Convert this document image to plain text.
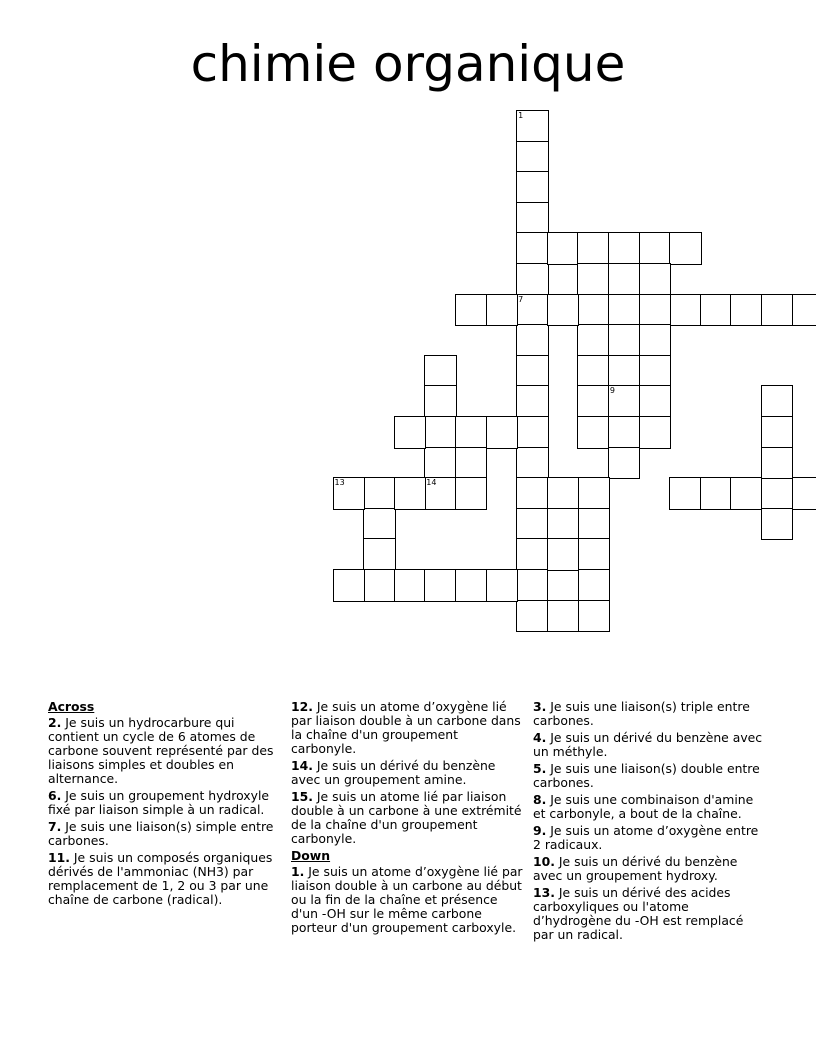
chimie organique
1
7
9
14
13
Across
2. Je suis un hydrocarbure qui contient un cycle de 6 atomes de carbone souvent représenté par des liaisons simples et doubles en alternance.
6. Je suis un groupement hydroxyle fixé par liaison simple à un radical.
7. Je suis une liaison(s) simple entre carbones.
11. Je suis un composés organiques dérivés de l'ammoniac (NH3) par remplacement de 1, 2 ou 3 par une chaîne de carbone (radical).
12. Je suis un atome d’oxygène lié par liaison double à un carbone dans la chaîne d'un groupement carbonyle.
14. Je suis un dérivé du benzène avec un groupement amine.
15. Je suis un atome lié par liaison double à un carbone à une extrémité de la chaîne d'un groupement carbonyle.
Down
1. Je suis un atome d’oxygène lié par liaison double à un carbone au début ou la fin de la chaîne et présence d'un -OH sur le même carbone porteur d'un groupement carboxyle.
3. Je suis une liaison(s) triple entre carbones.
4. Je suis un dérivé du benzène avec un méthyle.
5. Je suis une liaison(s) double entre carbones.
8. Je suis une combinaison d'amine et carbonyle, a bout de la chaîne.
9. Je suis un atome d’oxygène entre 2 radicaux.
10. Je suis un dérivé du benzène avec un groupement hydroxy.
13. Je suis un dérivé des acides carboxyliques ou l'atome d’hydrogène du -OH est remplacé par un radical.
